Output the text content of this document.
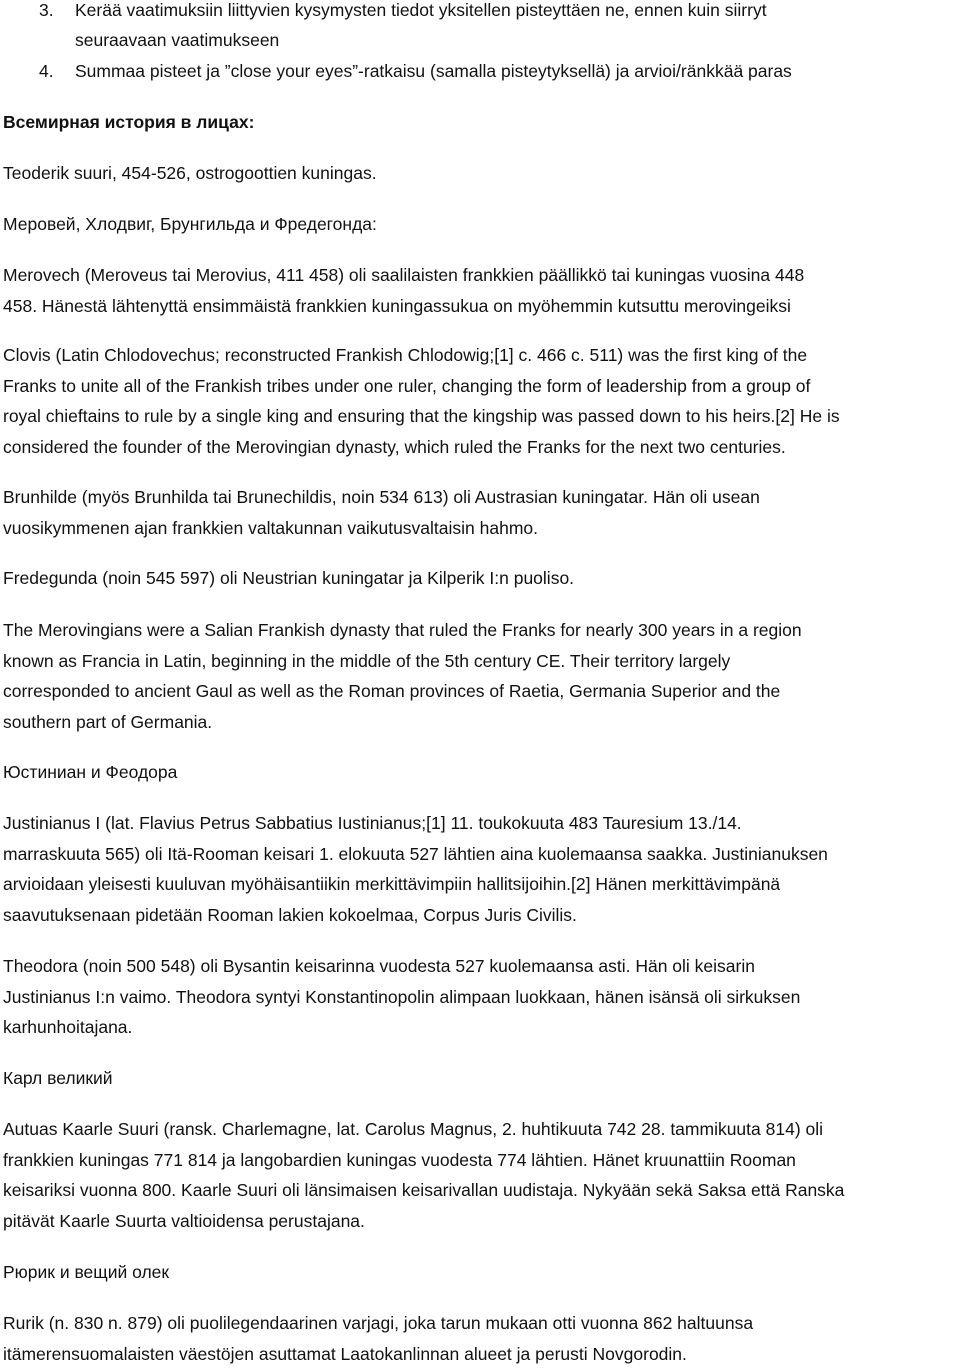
3. Kerää vaatimuksiin liittyvien kysymysten tiedot yksitellen pisteyttäen ne, ennen kuin siirryt
seuraavaan vaatimukseen
4. Summaa pisteet ja ”close your eyes”-ratkaisu (samalla pisteytyksellä) ja arvioi/ränkkää paras
Всемирная история в лицах:
Teoderik suuri, 454-526, ostrogoottien kuningas.
Меровей, Хлодвиг, Брунгильда и Фредегонда:
Merovech (Meroveus tai Merovius, 411 458) oli saalilaisten frankkien päällikkö tai kuningas vuosina 448
458. Hänestä lähtenyttä ensimmäistä frankkien kuningassukua on myöhemmin kutsuttu merovingeiksi
Clovis (Latin Chlodovechus; reconstructed Frankish Chlodowig;[1] c. 466 c. 511) was the first king of the
Franks to unite all of the Frankish tribes under one ruler, changing the form of leadership from a group of
royal chieftains to rule by a single king and ensuring that the kingship was passed down to his heirs.[2] He is
considered the founder of the Merovingian dynasty, which ruled the Franks for the next two centuries.
Brunhilde (myös Brunhilda tai Brunechildis, noin 534 613) oli Austrasian kuningatar. Hän oli usean
vuosikymmenen ajan frankkien valtakunnan vaikutusvaltaisin hahmo.
Fredegunda (noin 545 597) oli Neustrian kuningatar ja Kilperik I:n puoliso.
The Merovingians were a Salian Frankish dynasty that ruled the Franks for nearly 300 years in a region
known as Francia in Latin, beginning in the middle of the 5th century CE. Their territory largely
corresponded to ancient Gaul as well as the Roman provinces of Raetia, Germania Superior and the
southern part of Germania.
Юстиниан и Феодора
Justinianus I (lat. Flavius Petrus Sabbatius Iustinianus;[1] 11. toukokuuta 483 Tauresium 13./14.
marraskuuta 565) oli Itä-Rooman keisari 1. elokuuta 527 lähtien aina kuolemaansa saakka. Justinianuksen
arvioidaan yleisesti kuuluvan myöhäisantiikin merkittävimpiin hallitsijoihin.[2] Hänen merkittävimpänä
saavutuksenaan pidetään Rooman lakien kokoelmaa, Corpus Juris Civilis.
Theodora (noin 500 548) oli Bysantin keisarinna vuodesta 527 kuolemaansa asti. Hän oli keisarin
Justinianus I:n vaimo. Theodora syntyi Konstantinopolin alimpaan luokkaan, hänen isänsä oli sirkuksen
karhunhoitajana.
Карл великий
Autuas Kaarle Suuri (ransk. Charlemagne, lat. Carolus Magnus, 2. huhtikuuta 742 28. tammikuuta 814) oli
frankkien kuningas 771 814 ja langobardien kuningas vuodesta 774 lähtien. Hänet kruunattiin Rooman
keisariksi vuonna 800. Kaarle Suuri oli länsimaisen keisarivallan uudistaja. Nykyään sekä Saksa että Ranska
pitävät Kaarle Suurta valtioidensa perustajana.
Рюрик и вещий олек
Rurik (n. 830 n. 879) oli puolilegendaarinen varjagi, joka tarun mukaan otti vuonna 862 haltuunsa
itämerensuomalaisten väestöjen asuttamat Laatokanlinnan alueet ja perusti Novgorodin.
